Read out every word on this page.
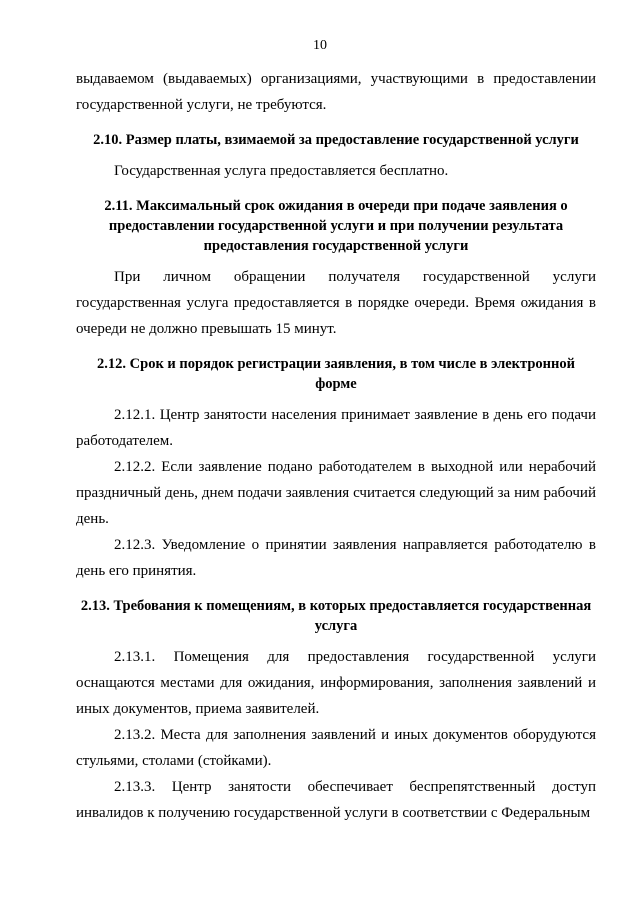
10

выдаваемом (выдаваемых) организациями, участвующими в предоставлении государственной услуги, не требуются.

2.10. Размер платы, взимаемой за предоставление государственной услуги

Государственная услуга предоставляется бесплатно.

2.11. Максимальный срок ожидания в очереди при подаче заявления о предоставлении государственной услуги и при получении результата предоставления государственной услуги

При личном обращении получателя государственной услуги государственная услуга предоставляется в порядке очереди. Время ожидания в очереди не должно превышать 15 минут.

2.12. Срок и порядок регистрации заявления, в том числе в электронной форме

2.12.1. Центр занятости населения принимает заявление в день его подачи работодателем.

2.12.2. Если заявление подано работодателем в выходной или нерабочий праздничный день, днем подачи заявления считается следующий за ним рабочий день.

2.12.3. Уведомление о принятии заявления направляется работодателю в день его принятия.

2.13. Требования к помещениям, в которых предоставляется государственная услуга

2.13.1. Помещения для предоставления государственной услуги оснащаются местами для ожидания, информирования, заполнения заявлений и иных документов, приема заявителей.

2.13.2. Места для заполнения заявлений и иных документов оборудуются стульями, столами (стойками).

2.13.3. Центр занятости обеспечивает беспрепятственный доступ инвалидов к получению государственной услуги в соответствии с Федеральным
